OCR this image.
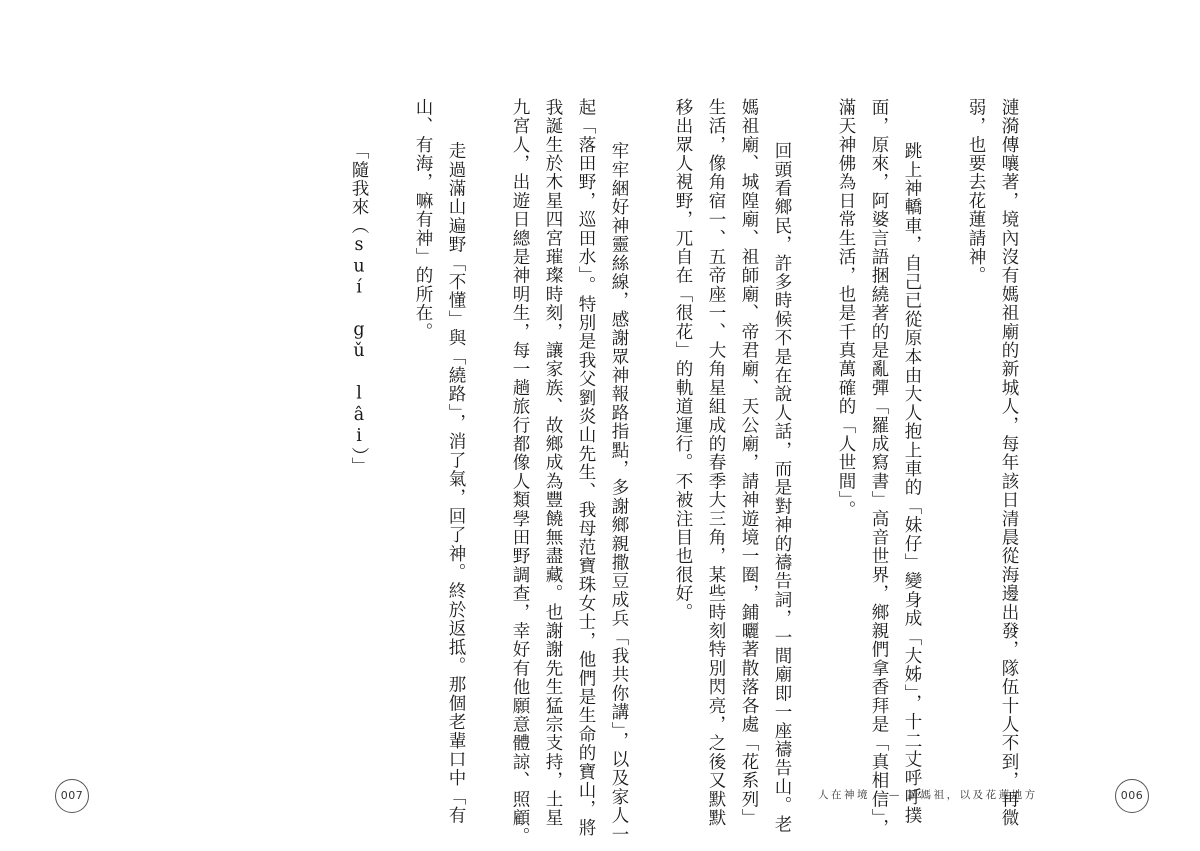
漣漪傳嚷著，境內沒有媽祖廟的新城人，每年該日清晨從海邊出發，隊伍十人不到，再微
弱，也要去花蓮請神。
跳上神轎車，自己已從原本由大人抱上車的「妹仔」變身成「大姊」，十二丈呼呼撲
面，原來，阿婆言語捆繞著的是亂彈「羅成寫書」高音世界，鄉親們拿香拜是「真相信」，
滿天神佛為日常生活，也是千真萬確的「人世間」。
回頭看鄉民，許多時候不是在說人話，而是對神的禱告詞，一間廟即一座禱告山。老
媽祖廟、城隍廟、祖師廟、帝君廟、天公廟，請神遊境一圈，鋪曬著散落各處「花系列」
生活，像角宿一、五帝座一、大角星組成的春季大三角，某些時刻特別閃亮，之後又默默
移出眾人視野，兀自在「很花」的軌道運行。不被注目也很好。
牢牢綑好神靈絲線，感謝眾神報路指點，多謝鄉親撒豆成兵「我共你講」，以及家人一
起「落田野，巡田水」。特別是我父劉炎山先生、我母范寶珠女士，他們是生命的寶山，將
我誕生於木星四宮璀璨時刻，讓家族、故鄉成為豐饒無盡藏。也謝謝先生猛宗支持，土星
九宮人，出遊日總是神明生，每一趟旅行都像人類學田野調查，幸好有他願意體諒、照顧。
走過滿山遍野「不懂」與「繞路」，消了氣，回了神。終於返抵。那個老輩口中「有
山、有海，嘛有神」的所在。
「隨我來（suí gǔ lâi）」
007	人在神境 —— 請媽祖，以及花蓮地方	006
